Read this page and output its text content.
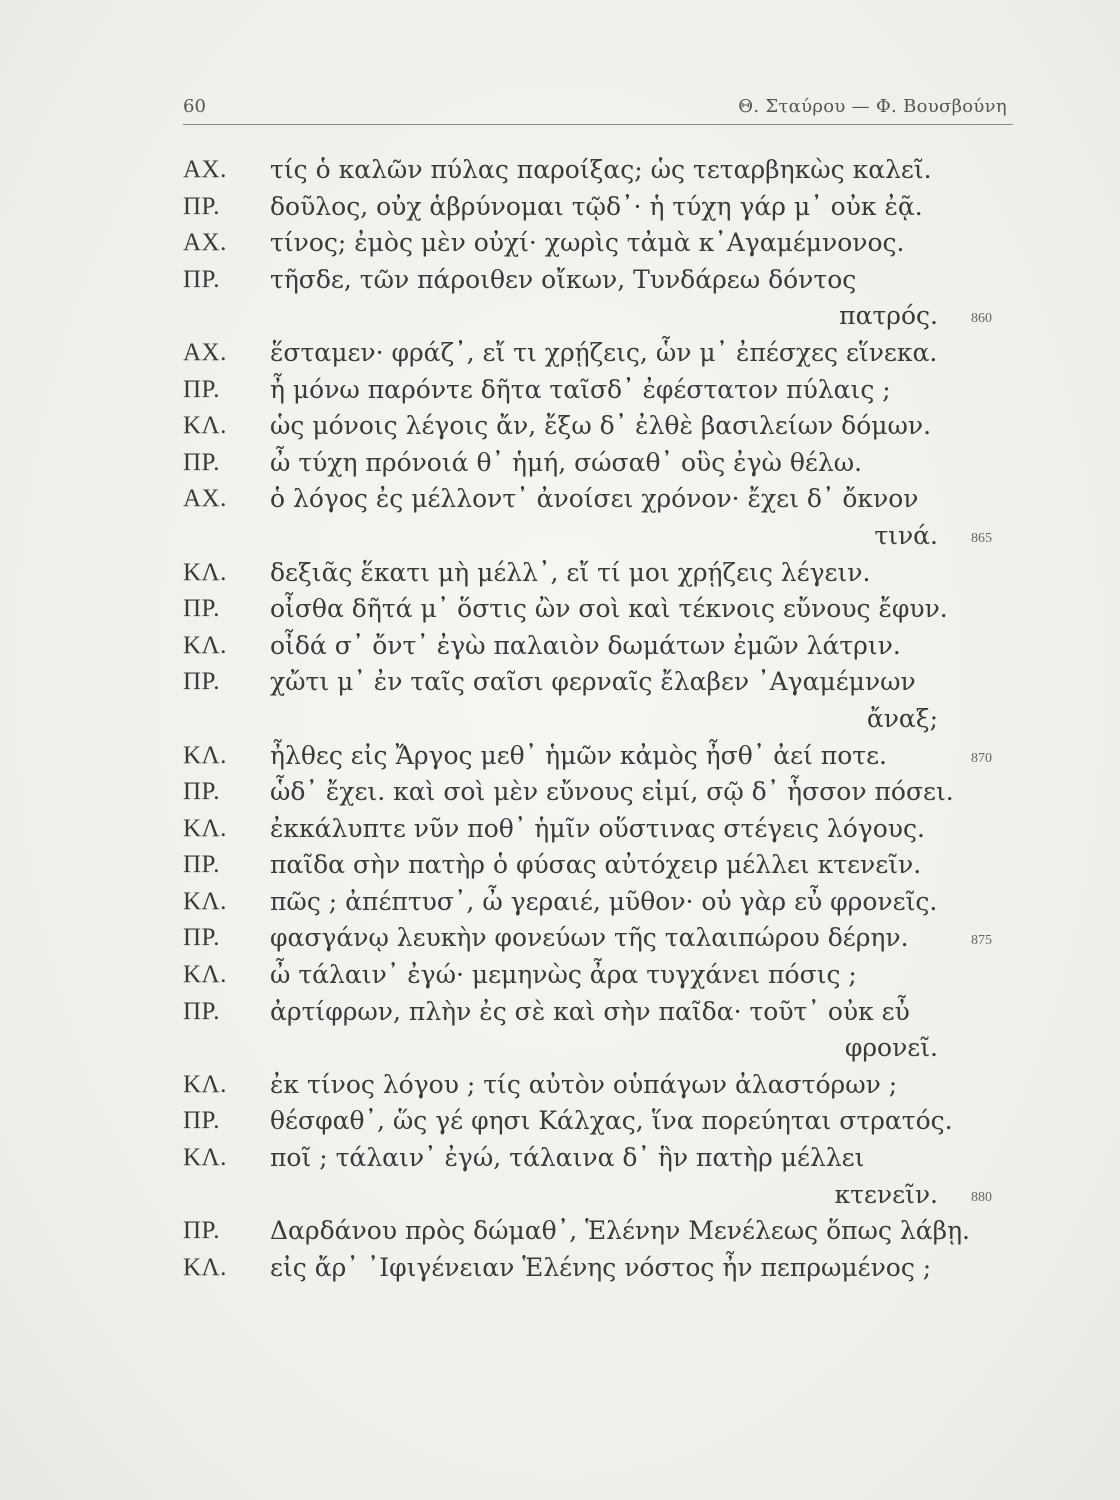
60	Θ. Σταύρου — Φ. Βουσβούνη
ΑΧ.	τίς ὁ καλῶν πύλας παροίξας; ὡς τεταρβηκὼς καλεῖ.
ΠΡ.	δοῦλος, οὐχ ἁβρύνομαι τῷδ᾿· ἡ τύχη γάρ μ᾿ οὐκ ἐᾷ.
ΑΧ.	τίνος; ἐμὸς μὲν οὐχί· χωρὶς τἀμὰ κ᾿Αγαμέμνονος.
ΠΡ.	τῆσδε, τῶν πάροιθεν οἴκων, Τυνδάρεω δόντος
πατρός. 860
ΑΧ.	ἕσταμεν· φράζ᾿, εἴ τι χρῄζεις, ὧν μ᾿ ἐπέσχες εἵνεκα.
ΠΡ.	ἦ μόνω παρόντε δῆτα ταῖσδ᾿ ἐφέστατον πύλαις ;
ΚΛ.	ὡς μόνοις λέγοις ἄν, ἔξω δ᾿ ἐλθὲ βασιλείων δόμων.
ΠΡ.	ὦ τύχη πρόνοιά θ᾿ ἡμή, σώσαθ᾿ οὓς ἐγὼ θέλω.
ΑΧ.	ὁ λόγος ἐς μέλλοντ᾿ ἀνοίσει χρόνον· ἔχει δ᾿ ὄκνον
τινά. 865
ΚΛ.	δεξιᾶς ἕκατι μὴ μέλλ᾿, εἴ τί μοι χρῄζεις λέγειν.
ΠΡ.	οἶσθα δῆτά μ᾿ ὅστις ὢν σοὶ καὶ τέκνοις εὔνους ἔφυν.
ΚΛ.	οἶδά σ᾿ ὄντ᾿ ἐγὼ παλαιὸν δωμάτων ἐμῶν λάτριν.
ΠΡ.	χὤτι μ᾿ ἐν ταῖς σαῖσι φερναῖς ἔλαβεν ᾿Αγαμέμνων
ἄναξ;
ΚΛ.	ἦλθες εἰς Ἄργος μεθ᾿ ἡμῶν κἀμὸς ἦσθ᾿ ἀεί ποτε.	870
ΠΡ.	ὧδ᾿ ἔχει. καὶ σοὶ μὲν εὔνους εἰμί, σῷ δ᾿ ἧσσον πόσει.
ΚΛ.	ἐκκάλυπτε νῦν ποθ᾿ ἡμῖν οὕστινας στέγεις λόγους.
ΠΡ.	παῖδα σὴν πατὴρ ὁ φύσας αὐτόχειρ μέλλει κτενεῖν.
ΚΛ.	πῶς ; ἀπέπτυσ᾿, ὦ γεραιέ, μῦθον· οὐ γὰρ εὖ φρονεῖς.
ΠΡ.	φασγάνῳ λευκὴν φονεύων τῆς ταλαιπώρου δέρην.	875
ΚΛ.	ὦ τάλαιν᾿ ἐγώ· μεμηνὼς ἆρα τυγχάνει πόσις ;
ΠΡ.	ἀρτίφρων, πλὴν ἐς σὲ καὶ σὴν παῖδα· τοῦτ᾿ οὐκ εὖ
φρονεῖ.
ΚΛ.	ἐκ τίνος λόγου ; τίς αὐτὸν οὑπάγων ἀλαστόρων ;
ΠΡ.	θέσφαθ᾿, ὥς γέ φησι Κάλχας, ἵνα πορεύηται στρατός.
ΚΛ.	ποῖ ; τάλαιν᾿ ἐγώ, τάλαινα δ᾿ ἣν πατὴρ μέλλει
κτενεῖν. 880
ΠΡ.	Δαρδάνου πρὸς δώμαθ᾿, Ἑλένην Μενέλεως ὅπως λάβῃ.
ΚΛ.	εἰς ἄρ᾿ ᾿Ιφιγένειαν Ἑλένης νόστος ἦν πεπρωμένος ;
